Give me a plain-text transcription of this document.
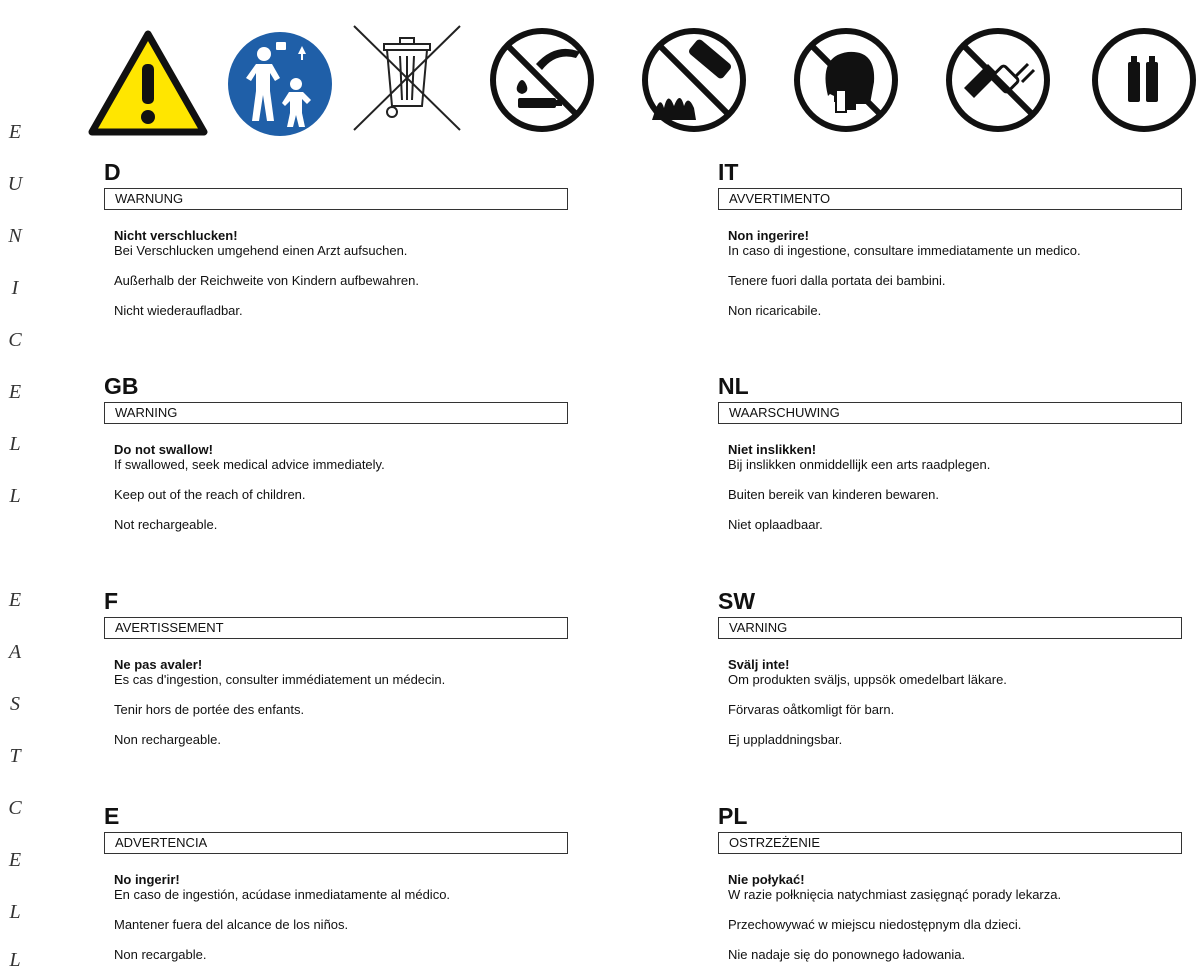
E
U
N
I
C
E
L
L
E
A
S
T
C
E
L
L
D
WARNUNG
Nicht verschlucken!
Bei Verschlucken umgehend einen Arzt aufsuchen.
Außerhalb der Reichweite von Kindern aufbewahren.
Nicht wiederaufladbar.
IT
AVVERTIMENTO
Non ingerire!
In caso di ingestione, consultare immediatamente un medico.
Tenere fuori dalla portata dei bambini.
Non ricaricabile.
GB
WARNING
Do not swallow!
If swallowed, seek medical advice immediately.
Keep out of the reach of children.
Not rechargeable.
NL
WAARSCHUWING
Niet inslikken!
Bij inslikken onmiddellijk een arts raadplegen.
Buiten bereik van kinderen bewaren.
Niet oplaadbaar.
F
AVERTISSEMENT
Ne pas avaler!
Es cas d'ingestion, consulter immédiatement un médecin.
Tenir hors de portée des enfants.
Non rechargeable.
SW
VARNING
Svälj inte!
Om produkten sväljs, uppsök omedelbart läkare.
Förvaras oåtkomligt för barn.
Ej uppladdningsbar.
E
ADVERTENCIA
No ingerir!
En caso de ingestión, acúdase inmediatamente al médico.
Mantener fuera del alcance de los niños.
Non recargable.
PL
OSTRZEŻENIE
Nie połykać!
W razie połknięcia natychmiast zasięgnąć porady lekarza.
Przechowywać w miejscu niedostępnym dla dzieci.
Nie nadaje się do ponownego ładowania.
